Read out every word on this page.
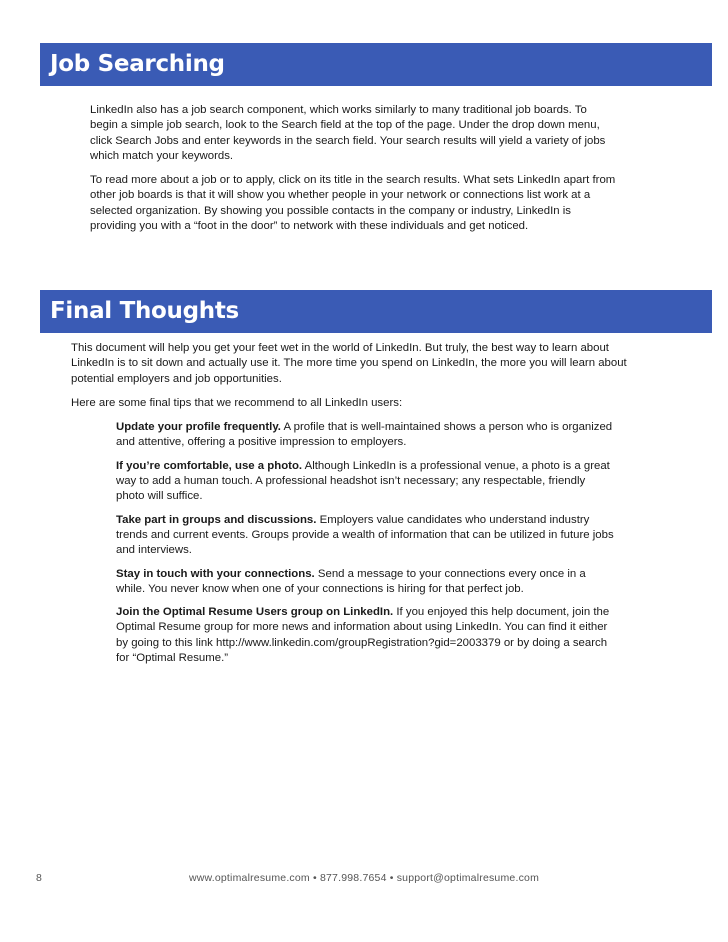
Job Searching

LinkedIn also has a job search component, which works similarly to many traditional job boards. To begin a simple job search, look to the Search field at the top of the page. Under the drop down menu, click Search Jobs and enter keywords in the search field. Your search results will yield a variety of jobs which match your keywords.

To read more about a job or to apply, click on its title in the search results. What sets LinkedIn apart from other job boards is that it will show you whether people in your network or connections list work at a selected organization. By showing you possible contacts in the company or industry, LinkedIn is providing you with a “foot in the door” to network with these individuals and get noticed.

Final Thoughts

This document will help you get your feet wet in the world of LinkedIn. But truly, the best way to learn about LinkedIn is to sit down and actually use it. The more time you spend on LinkedIn, the more you will learn about potential employers and job opportunities.

Here are some final tips that we recommend to all LinkedIn users:

Update your profile frequently. A profile that is well-maintained shows a person who is organized and attentive, offering a positive impression to employers.
If you’re comfortable, use a photo. Although LinkedIn is a professional venue, a photo is a great way to add a human touch. A professional headshot isn’t necessary; any respectable, friendly photo will suffice.
Take part in groups and discussions. Employers value candidates who understand industry trends and current events. Groups provide a wealth of information that can be utilized in future jobs and interviews.
Stay in touch with your connections. Send a message to your connections every once in a while. You never know when one of your connections is hiring for that perfect job.
Join the Optimal Resume Users group on LinkedIn. If you enjoyed this help document, join the Optimal Resume group for more news and information about using LinkedIn. You can find it either by going to this link http://www.linkedin.com/groupRegistration?gid=2003379 or by doing a search for “Optimal Resume.”
8	www.optimalresume.com • 877.998.7654 • support@optimalresume.com
